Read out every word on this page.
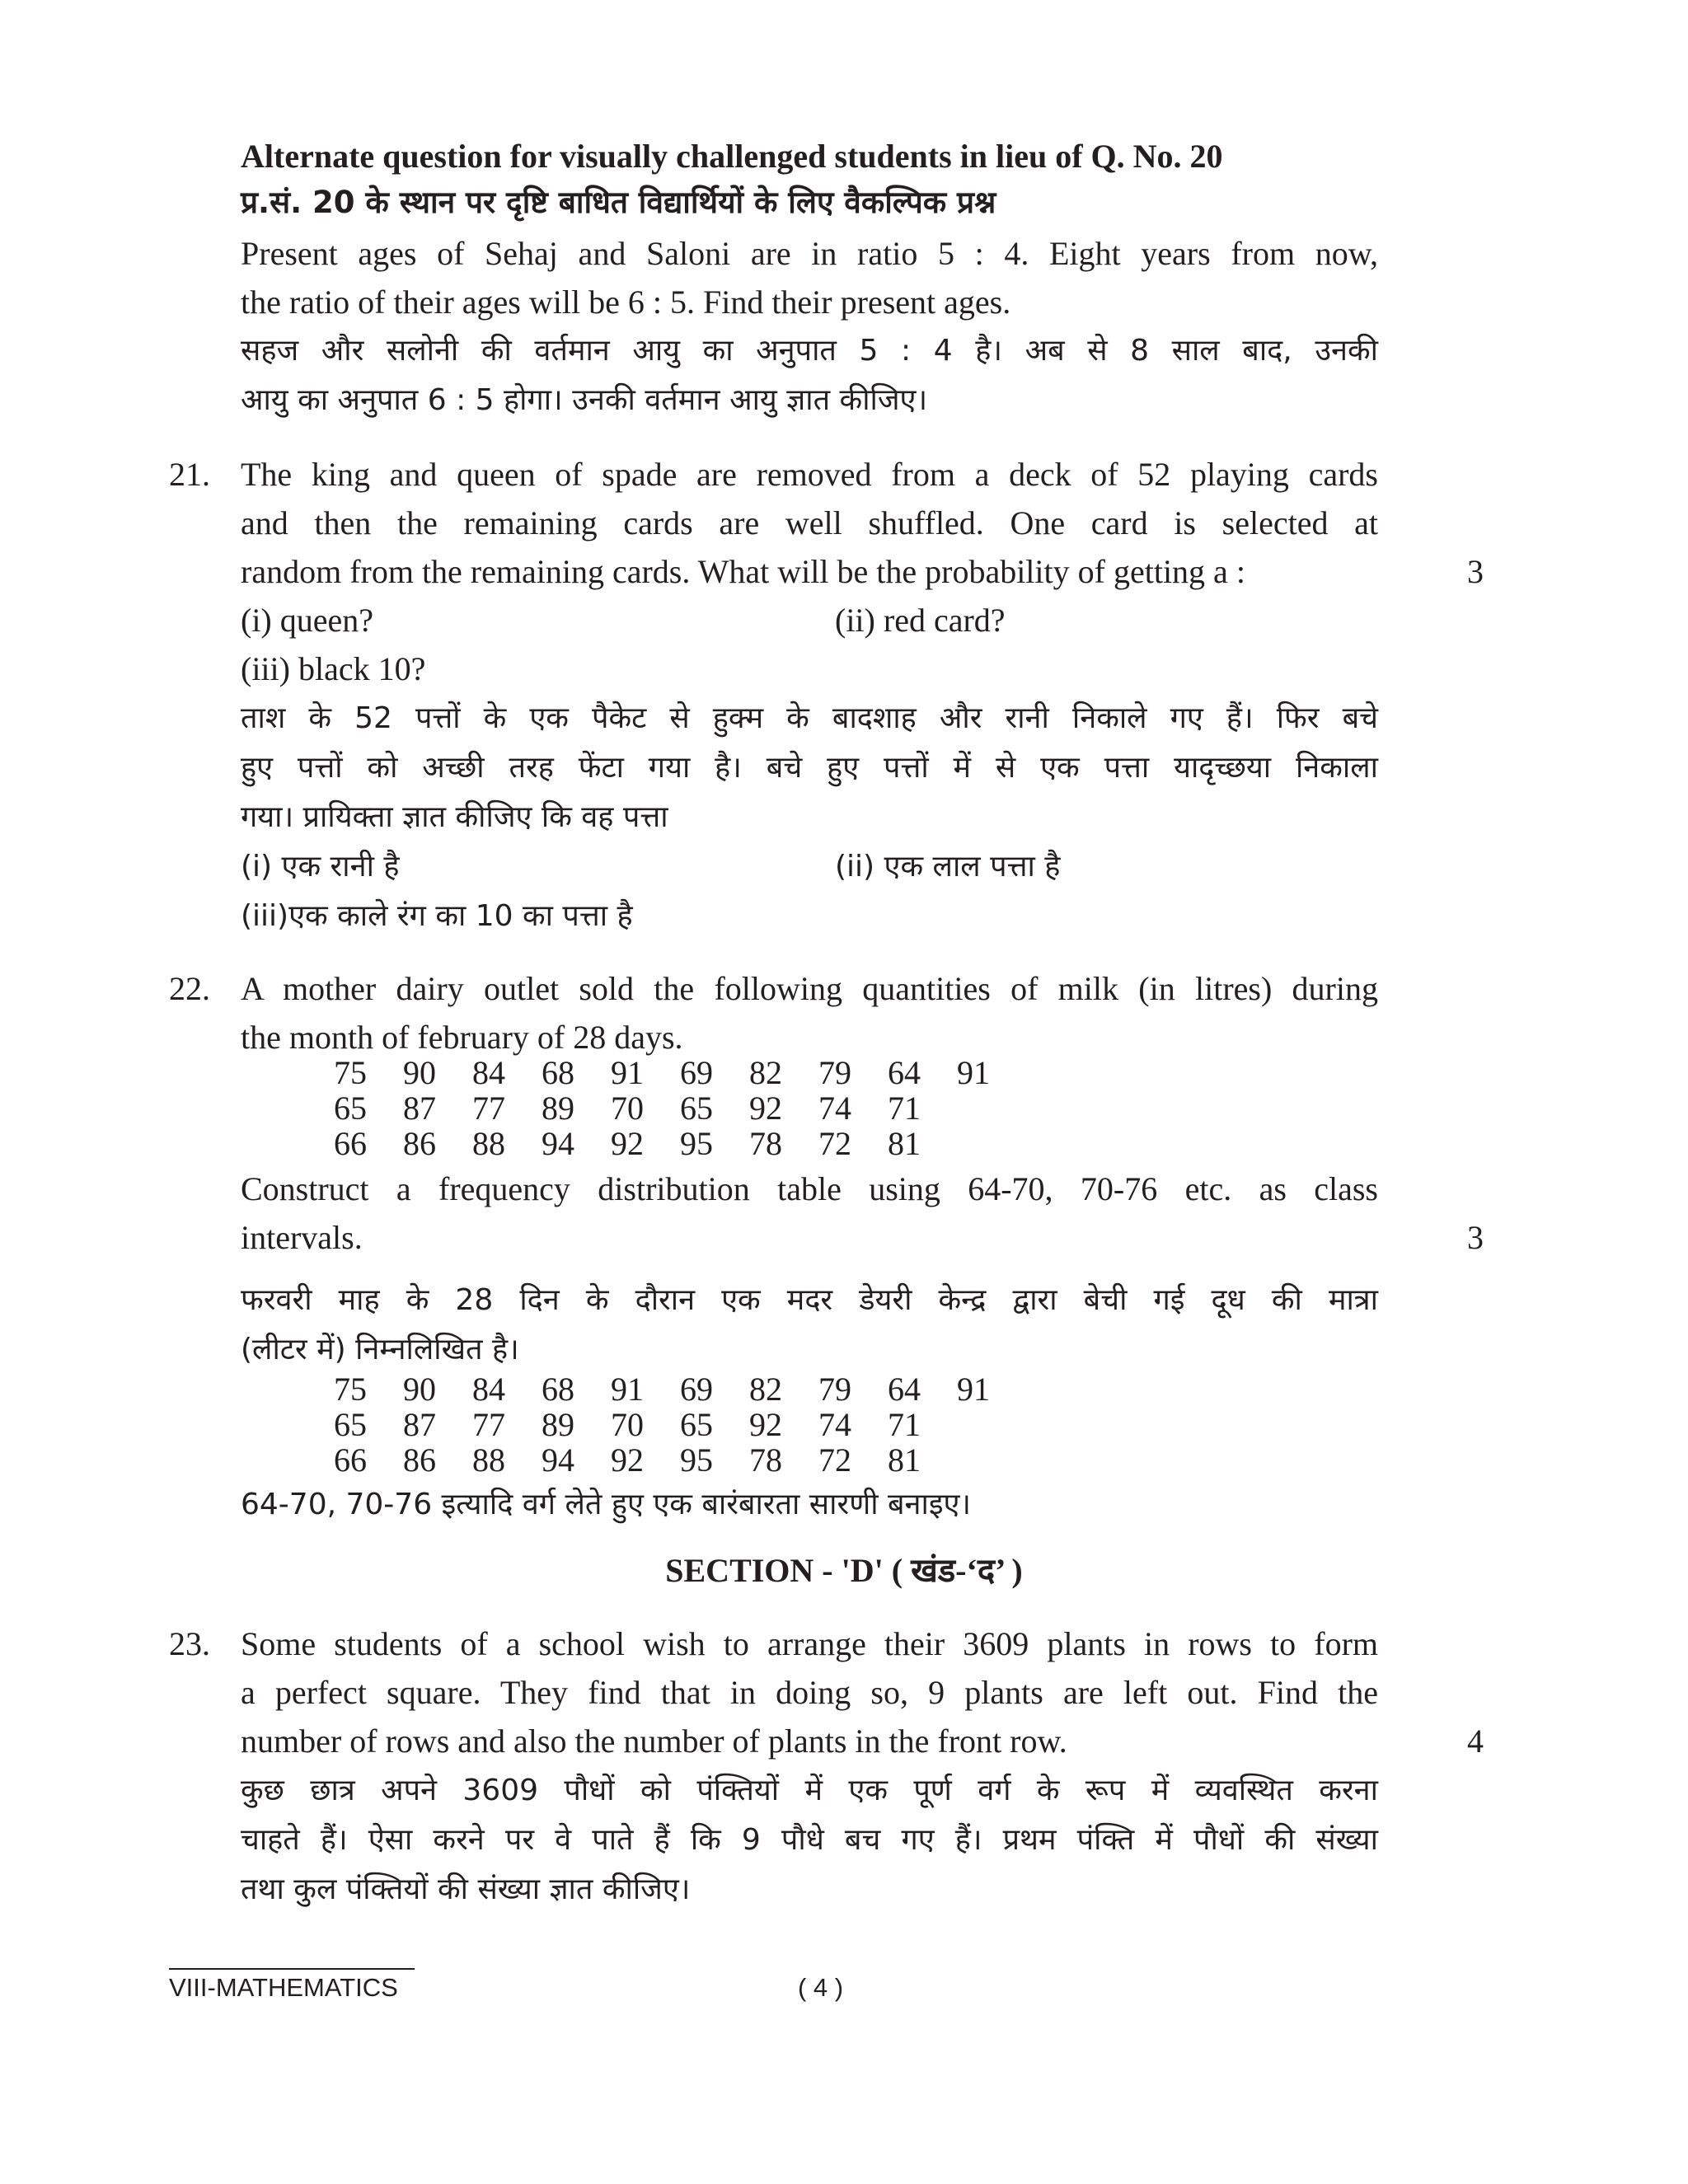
Alternate question for visually challenged students in lieu of Q. No. 20
प्र.सं. 20 के स्थान पर दृष्टि बाधित विद्यार्थियों के लिए वैकल्पिक प्रश्न
Present ages of Sehaj and Saloni are in ratio 5 : 4. Eight years from now,
the ratio of their ages will be 6 : 5. Find their present ages.
सहज और सलोनी की वर्तमान आयु का अनुपात 5 : 4 है। अब से 8 साल बाद, उनकी
आयु का अनुपात 6 : 5 होगा। उनकी वर्तमान आयु ज्ञात कीजिए।
21. The king and queen of spade are removed from a deck of 52 playing cards
and then the remaining cards are well shuffled. One card is selected at
random from the remaining cards. What will be the probability of getting a :	3
(i) queen?	(ii) red card?
(iii) black 10?
ताश के 52 पत्तों के एक पैकेट से हुक्म के बादशाह और रानी निकाले गए हैं। फिर बचे
हुए पत्तों को अच्छी तरह फेंटा गया है। बचे हुए पत्तों में से एक पत्ता यादृच्छया निकाला
गया। प्रायिक्ता ज्ञात कीजिए कि वह पत्ता
(i) एक रानी है	(ii) एक लाल पत्ता है
(iii)एक काले रंग का 10 का पत्ता है
22. A mother dairy outlet sold the following quantities of milk (in litres) during
the month of february of 28 days.
75 90 84 68 91 69 82 79 64 91
65 87 77 89 70 65 92 74 71
66 86 88 94 92 95 78 72 81
Construct a frequency distribution table using 64-70, 70-76 etc. as class
intervals.	3
फरवरी माह के 28 दिन के दौरान एक मदर डेयरी केन्द्र द्वारा बेची गई दूध की मात्रा
(लीटर में) निम्नलिखित है।
75 90 84 68 91 69 82 79 64 91
65 87 77 89 70 65 92 74 71
66 86 88 94 92 95 78 72 81
64-70, 70-76 इत्यादि वर्ग लेते हुए एक बारंबारता सारणी बनाइए।
SECTION - 'D' ( खंड-‘द’ )
23. Some students of a school wish to arrange their 3609 plants in rows to form
a perfect square. They find that in doing so, 9 plants are left out. Find the
number of rows and also the number of plants in the front row.	4
कुछ छात्र अपने 3609 पौधों को पंक्तियों में एक पूर्ण वर्ग के रूप में व्यवस्थित करना
चाहते हैं। ऐसा करने पर वे पाते हैं कि 9 पौधे बच गए हैं। प्रथम पंक्ति में पौधों की संख्या
तथा कुल पंक्तियों की संख्या ज्ञात कीजिए।
VIII-MATHEMATICS	( 4 )
